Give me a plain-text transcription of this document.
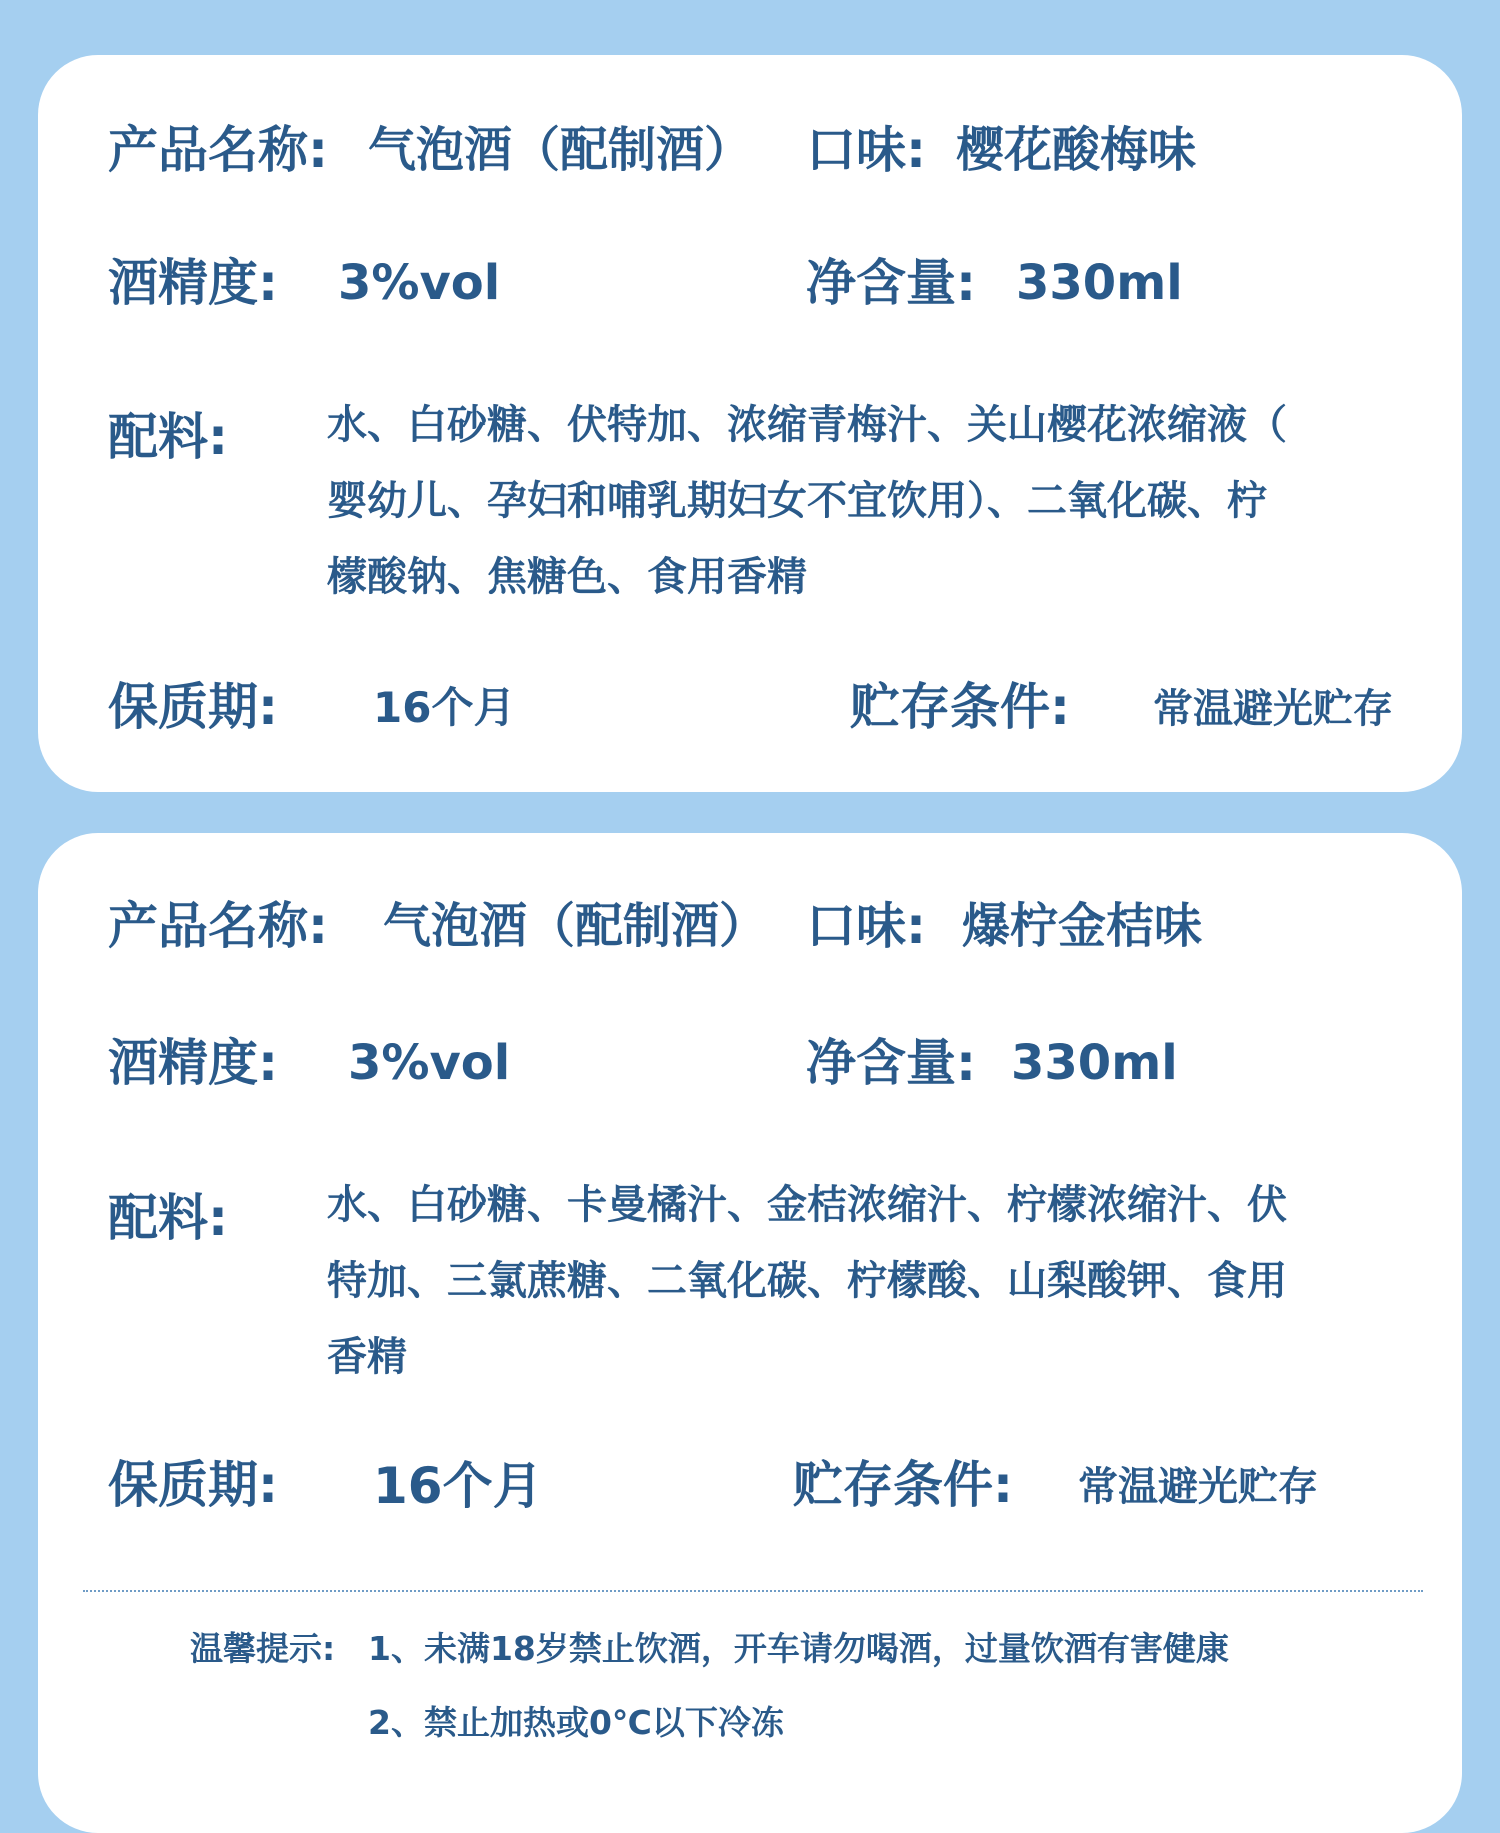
产品名称: 气泡酒（配制酒） 口味: 樱花酸梅味
酒精度: 3%vol	净含量: 330ml
配料: 水、白砂糖、伏特加、浓缩青梅汁、关山樱花浓缩液（
婴幼儿、孕妇和哺乳期妇女不宜饮用）、二氧化碳、柠
檬酸钠、焦糖色、食用香精
保质期: 16个月	贮存条件: 常温避光贮存
产品名称: 气泡酒（配制酒） 口味: 爆柠金桔味
酒精度: 3%vol	净含量: 330ml
配料: 水、白砂糖、卡曼橘汁、金桔浓缩汁、柠檬浓缩汁、伏
特加、三氯蔗糖、二氧化碳、柠檬酸、山梨酸钾、食用
香精
保质期: 16个月	贮存条件: 常温避光贮存
温馨提示: 1、未满18岁禁止饮酒，开车请勿喝酒，过量饮酒有害健康
2、禁止加热或0℃以下冷冻
